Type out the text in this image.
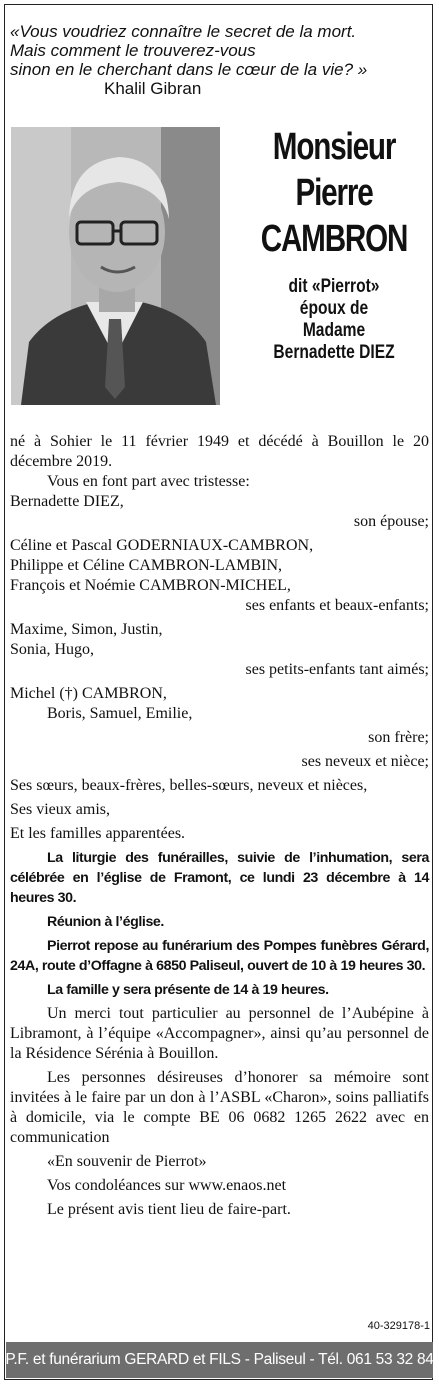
«Vous voudriez connaître le secret de la mort.
Mais comment le trouverez-vous
sinon en le cherchant dans le cœur de la vie? »
Khalil Gibran
Monsieur
Pierre
CAMBRON
dit «Pierrot»
époux de
Madame
Bernadette DIEZ
né à Sohier le 11 février 1949 et décédé à Bouillon le 20 décembre 2019.
Vous en font part avec tristesse:
Bernadette DIEZ,
son épouse;
Céline et Pascal GODERNIAUX-CAMBRON,
Philippe et Céline CAMBRON-LAMBIN,
François et Noémie CAMBRON-MICHEL,
ses enfants et beaux-enfants;
Maxime, Simon, Justin,
Sonia, Hugo,
ses petits-enfants tant aimés;
Michel (†) CAMBRON,
Boris, Samuel, Emilie,
son frère;
ses neveux et nièce;
Ses sœurs, beaux-frères, belles-sœurs, neveux et nièces,
Ses vieux amis,
Et les familles apparentées.
La liturgie des funérailles, suivie de l’inhumation, sera célébrée en l’église de Framont, ce lundi 23 décembre à 14 heures 30.
Réunion à l’église.
Pierrot repose au funérarium des Pompes funèbres Gérard, 24A, route d’Offagne à 6850 Paliseul, ouvert de 10 à 19 heures 30.
La famille y sera présente de 14 à 19 heures.
Un merci tout particulier au personnel de l’Aubépine à Libramont, à l’équipe «Accompagner», ainsi qu’au personnel de la Résidence Sérénia à Bouillon.
Les personnes désireuses d’honorer sa mémoire sont invitées à le faire par un don à l’ASBL «Charon», soins palliatifs à domicile, via le compte BE 06 0682 1265 2622 avec en communication
«En souvenir de Pierrot»
Vos condoléances sur www.enaos.net
Le présent avis tient lieu de faire-part.
40-329178-1
P.F. et funérarium GERARD et FILS - Paliseul - Tél. 061 53 32 84
